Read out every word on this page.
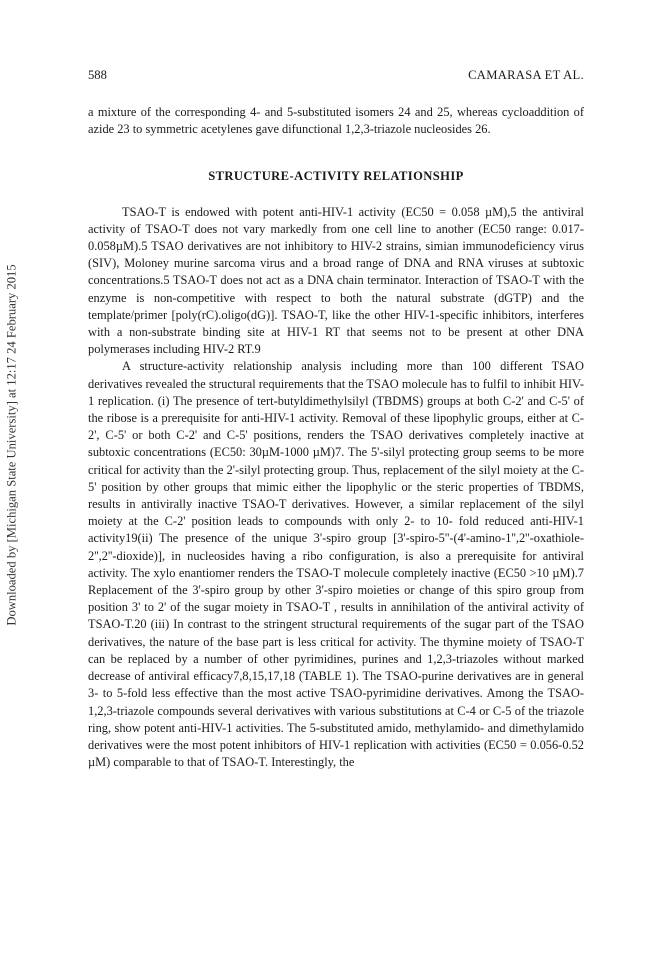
588	CAMARASA ET AL.
Downloaded by [Michigan State University] at 12:17 24 February 2015

a mixture of the corresponding 4- and 5-substituted isomers 24 and 25, whereas cycloaddition of azide 23 to symmetric acetylenes gave difunctional 1,2,3-triazole nucleosides 26.

STRUCTURE-ACTIVITY RELATIONSHIP

TSAO-T is endowed with potent anti-HIV-1 activity (EC50 = 0.058 µM),5 the antiviral activity of TSAO-T does not vary markedly from one cell line to another (EC50 range: 0.017-0.058µM).5 TSAO derivatives are not inhibitory to HIV-2 strains, simian immunodeficiency virus (SIV), Moloney murine sarcoma virus and a broad range of DNA and RNA viruses at subtoxic concentrations.5 TSAO-T does not act as a DNA chain terminator. Interaction of TSAO-T with the enzyme is non-competitive with respect to both the natural substrate (dGTP) and the template/primer [poly(rC).oligo(dG)]. TSAO-T, like the other HIV-1-specific inhibitors, interferes with a non-substrate binding site at HIV-1 RT that seems not to be present at other DNA polymerases including HIV-2 RT.9

A structure-activity relationship analysis including more than 100 different TSAO derivatives revealed the structural requirements that the TSAO molecule has to fulfil to inhibit HIV-1 replication. (i) The presence of tert-butyldimethylsilyl (TBDMS) groups at both C-2' and C-5' of the ribose is a prerequisite for anti-HIV-1 activity. Removal of these lipophylic groups, either at C-2', C-5' or both C-2' and C-5' positions, renders the TSAO derivatives completely inactive at subtoxic concentrations (EC50: 30µM-1000 µM)7. The 5'-silyl protecting group seems to be more critical for activity than the 2'-silyl protecting group. Thus, replacement of the silyl moiety at the C-5' position by other groups that mimic either the lipophylic or the steric properties of TBDMS, results in antivirally inactive TSAO-T derivatives. However, a similar replacement of the silyl moiety at the C-2' position leads to compounds with only 2- to 10- fold reduced anti-HIV-1 activity19(ii) The presence of the unique 3'-spiro group [3'-spiro-5''-(4'-amino-1'',2''-oxathiole-2'',2''-dioxide)], in nucleosides having a ribo configuration, is also a prerequisite for antiviral activity. The xylo enantiomer renders the TSAO-T molecule completely inactive (EC50 >10 µM).7 Replacement of the 3'-spiro group by other 3'-spiro moieties or change of this spiro group from position 3' to 2' of the sugar moiety in TSAO-T , results in annihilation of the antiviral activity of TSAO-T.20 (iii) In contrast to the stringent structural requirements of the sugar part of the TSAO derivatives, the nature of the base part is less critical for activity. The thymine moiety of TSAO-T can be replaced by a number of other pyrimidines, purines and 1,2,3-triazoles without marked decrease of antiviral efficacy7,8,15,17,18 (TABLE 1). The TSAO-purine derivatives are in general 3- to 5-fold less effective than the most active TSAO-pyrimidine derivatives. Among the TSAO-1,2,3-triazole compounds several derivatives with various substitutions at C-4 or C-5 of the triazole ring, show potent anti-HIV-1 activities. The 5-substituted amido, methylamido- and dimethylamido derivatives were the most potent inhibitors of HIV-1 replication with activities (EC50 = 0.056-0.52 µM) comparable to that of TSAO-T. Interestingly, the
